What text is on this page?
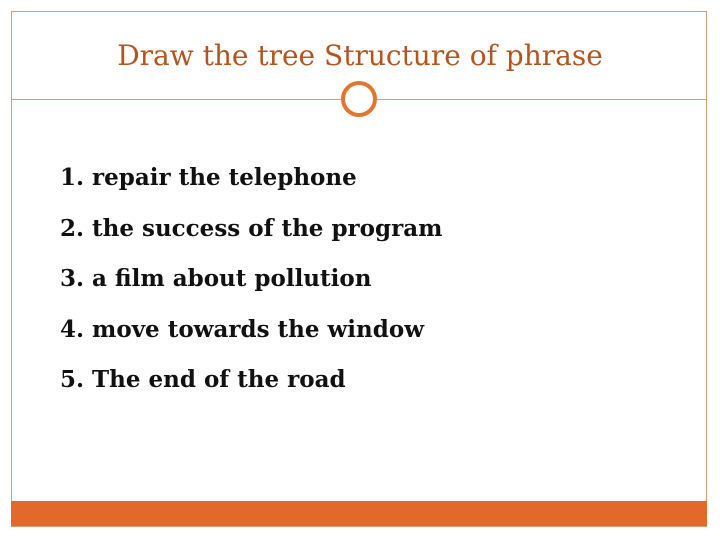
Draw the tree Structure of phrase
1. repair the telephone
2. the success of the program
3. a film about pollution
4. move towards the window
5. The end of the road
